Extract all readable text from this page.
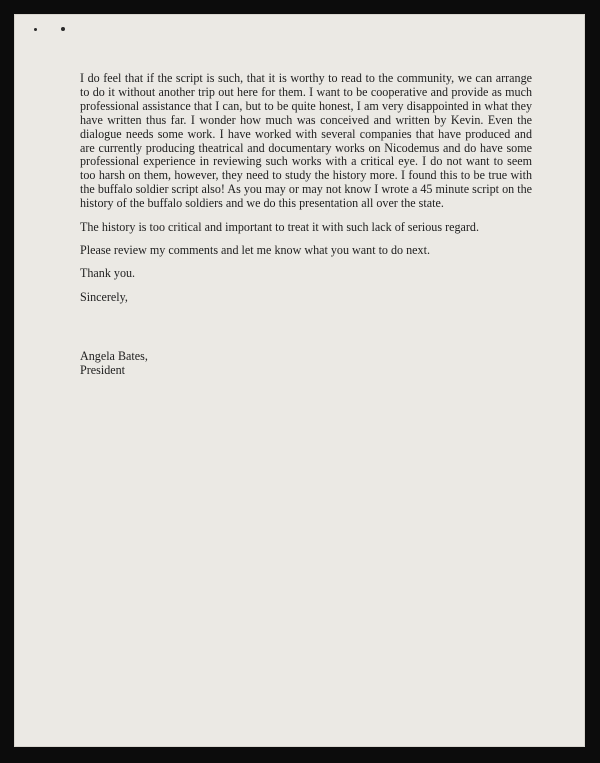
I do feel that if the script is such, that it is worthy to read to the community, we can arrange to do it without another trip out here for them. I want to be cooperative and provide as much professional assistance that I can, but to be quite honest, I am very disappointed in what they have written thus far. I wonder how much was conceived and written by Kevin. Even the dialogue needs some work. I have worked with several companies that have produced and are currently producing theatrical and documentary works on Nicodemus and do have some professional experience in reviewing such works with a critical eye. I do not want to seem too harsh on them, however, they need to study the history more. I found this to be true with the buffalo soldier script also! As you may or may not know I wrote a 45 minute script on the history of the buffalo soldiers and we do this presentation all over the state.

The history is too critical and important to treat it with such lack of serious regard.

Please review my comments and let me know what you want to do next.

Thank you.

Sincerely,

Angela Bates,
President
